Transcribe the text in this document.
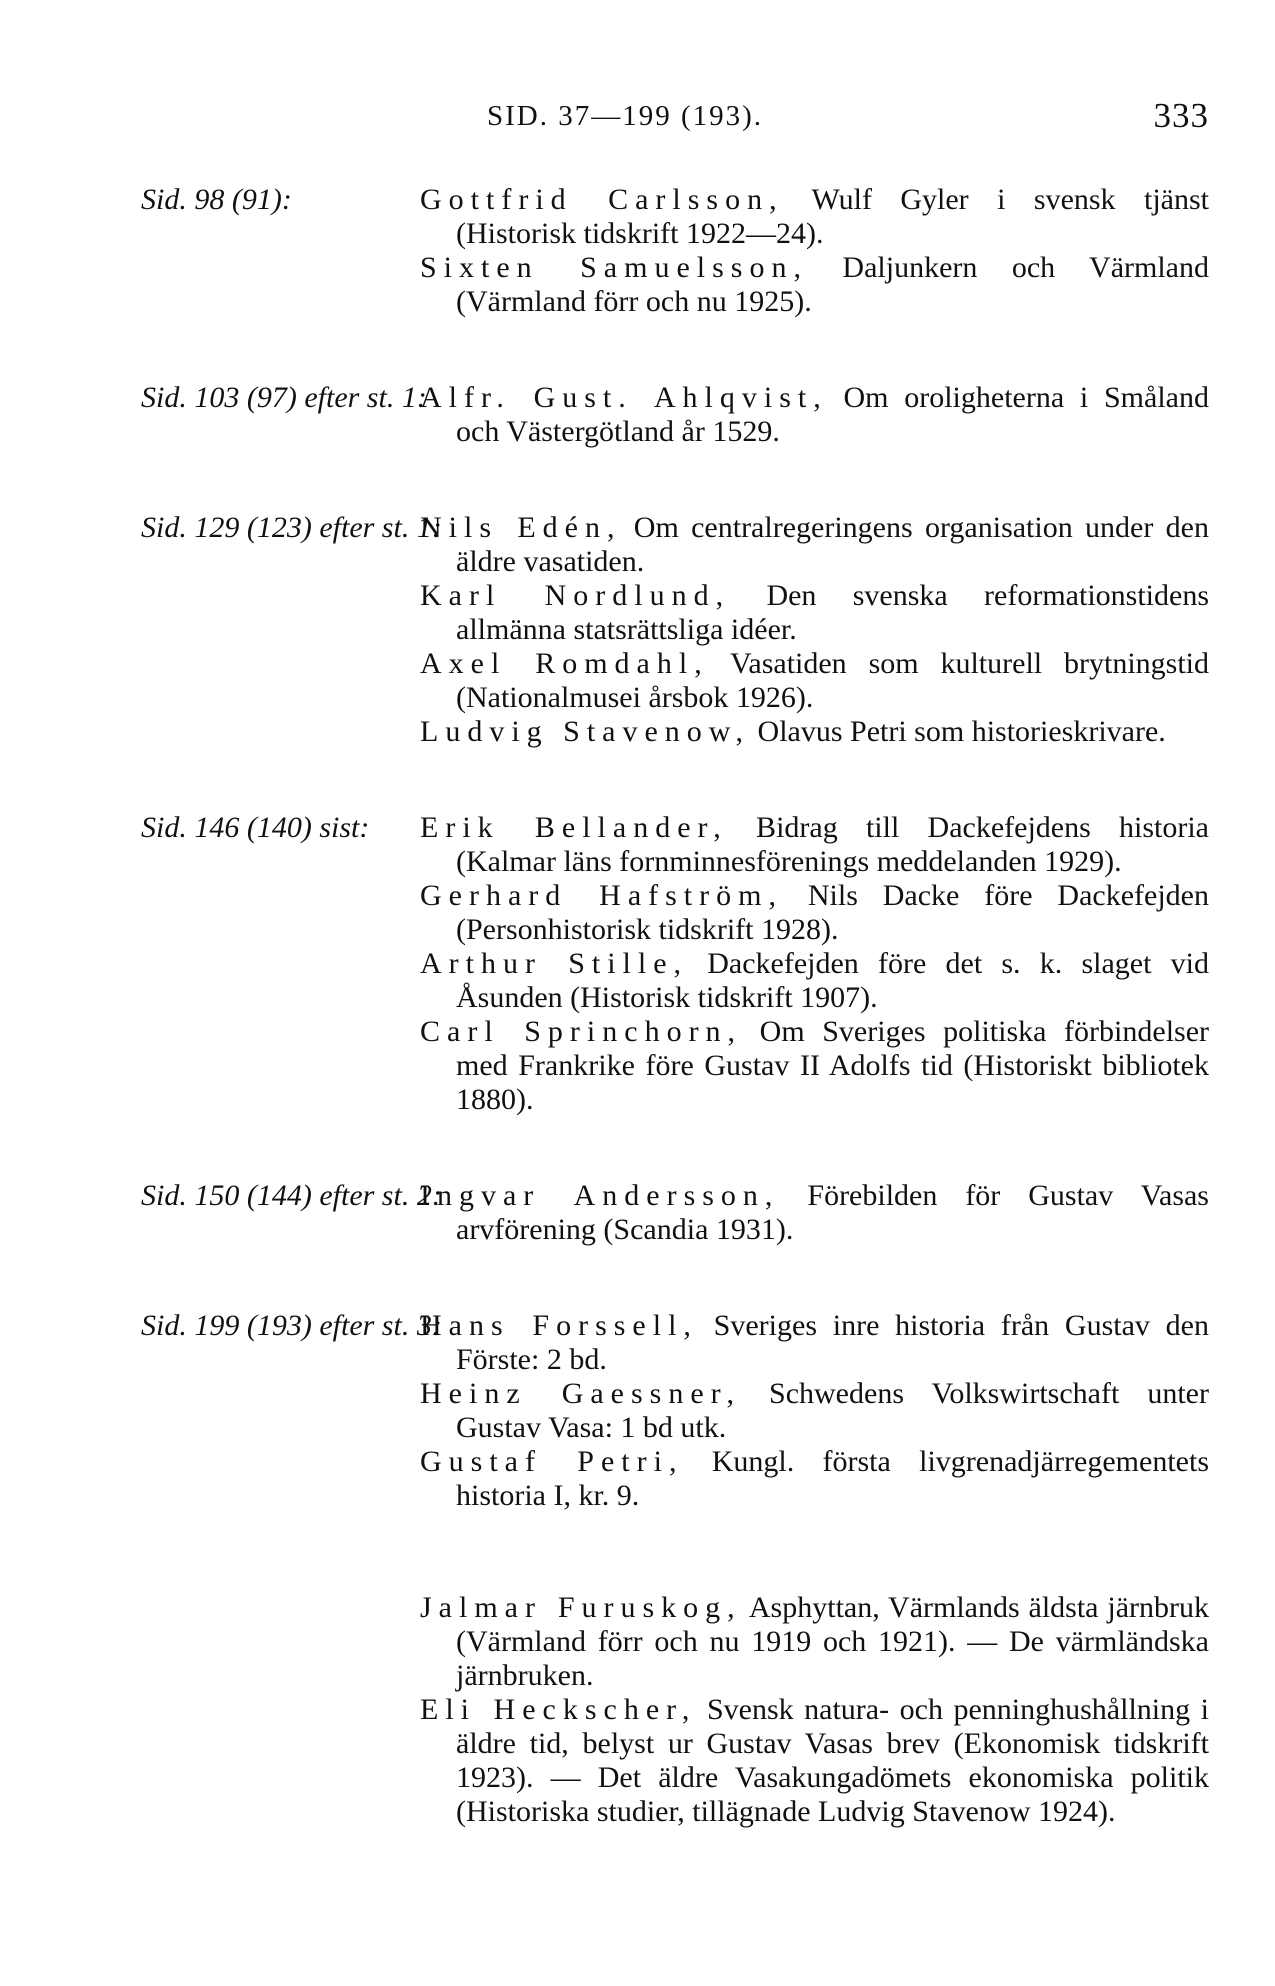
SID. 37—199 (193).	333
Sid. 98 (91):	Gottfrid Carlsson, Wulf Gyler i svensk tjänst (Historisk tidskrift 1922—24).
Sixten Samuelsson, Daljunkern och Värmland (Värmland förr och nu 1925).
Sid. 103 (97) efter st. 1:
Alfr. Gust. Ahlqvist, Om oroligheterna i Småland och Västergötland år 1529.
Sid. 129 (123) efter st. 1:
Nils Edén, Om centralregeringens organisation under den äldre vasatiden.
Karl Nordlund, Den svenska reformationstidens allmänna statsrättsliga idéer.
Axel Romdahl, Vasatiden som kulturell brytningstid (Nationalmusei årsbok 1926).
Ludvig Stavenow, Olavus Petri som historieskrivare.
Sid. 146 (140) sist: Erik Bellander, Bidrag till Dackefejdens historia (Kalmar läns fornminnesförenings meddelanden 1929).
Gerhard Hafström, Nils Dacke före Dackefejden (Personhistorisk tidskrift 1928).
Arthur Stille, Dackefejden före det s. k. slaget vid Åsunden (Historisk tidskrift 1907).
Carl Sprinchorn, Om Sveriges politiska förbindelser med Frankrike före Gustav II Adolfs tid (Historiskt bibliotek 1880).
Sid. 150 (144) efter st. 2:
Ingvar Andersson, Förebilden för Gustav Vasas arvförening (Scandia 1931).
Sid. 199 (193) efter st. 3:
Hans Forssell, Sveriges inre historia från Gustav den Förste: 2 bd.
Heinz Gaessner, Schwedens Volkswirtschaft unter Gustav Vasa: 1 bd utk.
Gustaf Petri, Kungl. första livgrenadjärregementets historia I, kr. 9.
Jalmar Furuskog, Asphyttan, Värmlands äldsta järnbruk (Värmland förr och nu 1919 och 1921). — De värmländska järnbruken.
Eli Heckscher, Svensk natura- och penninghushållning i äldre tid, belyst ur Gustav Vasas brev (Ekonomisk tidskrift 1923). — Det äldre Vasakungadömets ekonomiska politik (Historiska studier, tillägnade Ludvig Stavenow 1924).
